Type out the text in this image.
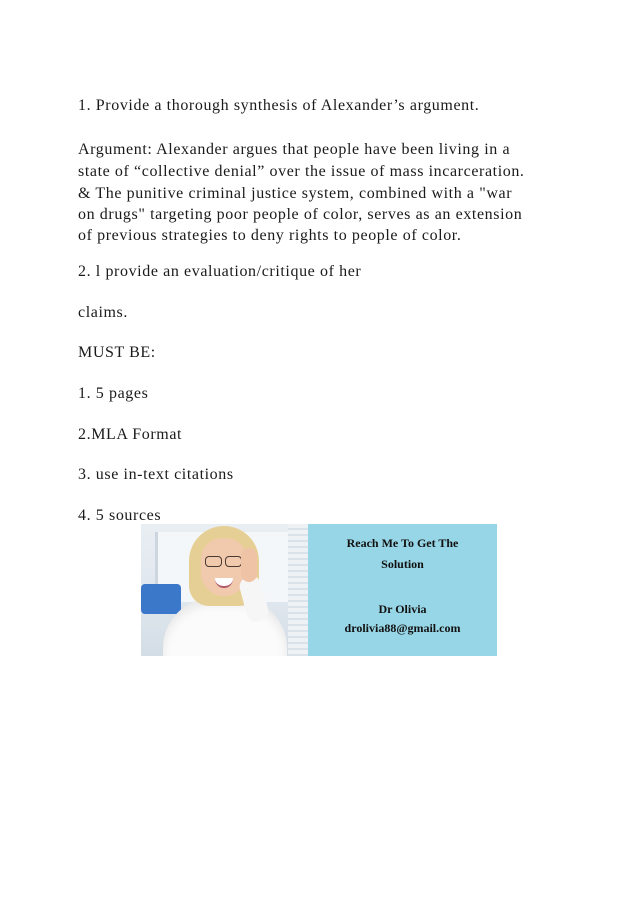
1. Provide a thorough synthesis of Alexander’s argument.
Argument: Alexander argues that people have been living in a
state of “collective denial” over the issue of mass incarceration.
& The punitive criminal justice system, combined with a "war
on drugs" targeting poor people of color, serves as an extension
of previous strategies to deny rights to people of color.
2. l provide an evaluation/critique of her
claims.
MUST BE:
1. 5 pages
2.MLA Format
3. use in-text citations
4. 5 sources
Reach Me To Get The
Solution
Dr Olivia
drolivia88@gmail.com
